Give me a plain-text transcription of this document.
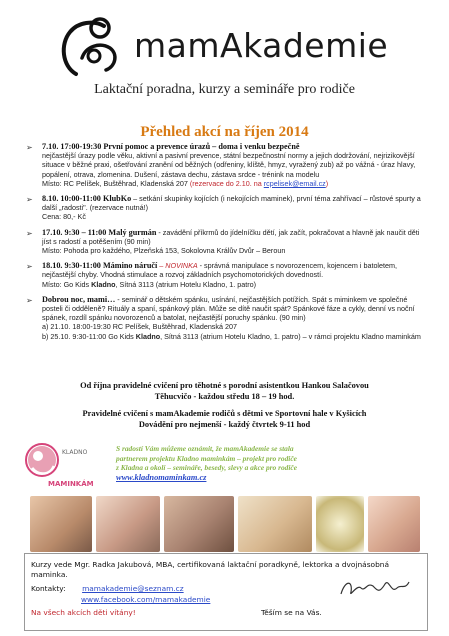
mamAkademie
Laktační poradna, kurzy a semináře pro rodiče
Přehled akcí na říjen 2014
➢ 7.10. 17:00-19:30 První pomoc a prevence úrazů – doma i venku bezpečně
nejčastější úrazy podle věku, aktivní a pasivní prevence, státní bezpečnostní normy a jejich dodržování, nejrizikovější situace v běžné praxi, ošetřování zranění od běžných (odřeniny, klíště, hmyz, vyražený zub) až po vážná - úraz hlavy, popálení, otrava, zlomenina. Dušení, zástava dechu, zástava srdce - trénink na modelu
Místo: RC Pelíšek, Buštěhrad, Kladenská 207 (rezervace do 2.10. na rcpelisek@email.cz)
➢ 8.10. 10:00-11:00 KlubKo – setkání skupinky kojících (i nekojících maminek), první téma zahřívací – růstové spurty a další „radosti". (rezervace nutná!)
Cena: 80,- Kč
➢ 17.10. 9:30 – 11:00 Malý gurmán - zavádění příkrmů do jídelníčku dětí, jak začít, pokračovat a hlavně jak naučit děti jíst s radostí a potěšením (90 min)
Místo: Pohoda pro každého, Plzeňská 153, Sokolovna Králův Dvůr – Beroun
➢ 18.10. 9:30-11:00 Mámino náručí – NOVINKA - správná manipulace s novorozencem, kojencem i batoletem, nejčastější chyby. Vhodná stimulace a rozvoj základních psychomotorických dovedností.
Místo: Go Kids Kladno, Sítná 3113 (atrium Hotelu Kladno, 1. patro)
➢ Dobrou noc, mami… - seminář o dětském spánku, usínání, nejčastějších potížích. Spát s miminkem ve společné posteli či odděleně? Rituály a spaní, spánkový plán. Může se dítě naučit spát? Spánkové fáze a cykly, denní vs noční spánek, rozdíl spánku novorozenců a batolat, nejčastější poruchy spánku. (90 min)
a) 21.10. 18:00-19:30 RC Pelíšek, Buštěhrad, Kladenská 207
b) 25.10. 9:30-11:00 Go Kids Kladno, Sítná 3113 (atrium Hotelu Kladno, 1. patro) – v rámci projektu Kladno maminkám
Od října pravidelné cvičení pro těhotné s porodní asistentkou Hankou Salačovou
Těhucvičo - každou středu 18 – 19 hod.
Pravidelné cvičení s mamAkademie rodičů s dětmi ve Sportovní hale v Kyšicích
Dovádění pro nejmenší - každý čtvrtek 9-11 hod
KLADNO
MAMINKÁM
S radostí Vám můžeme oznámit, že mamAkademie se stala
partnerem projektu Kladno maminkám – projekt pro rodiče
z Kladna a okolí – semináře, besedy, slevy a akce pro rodiče
www.kladnomaminkam.cz
Kurzy vede Mgr. Radka Jakubová, MBA, certifikovaná laktační poradkyně, lektorka a dvojnásobná
maminka.
Kontakty: mamakademie@seznam.cz
www.facebook.com/mamakademie
Na všech akcích děti vítány!	Těším se na Vás.
